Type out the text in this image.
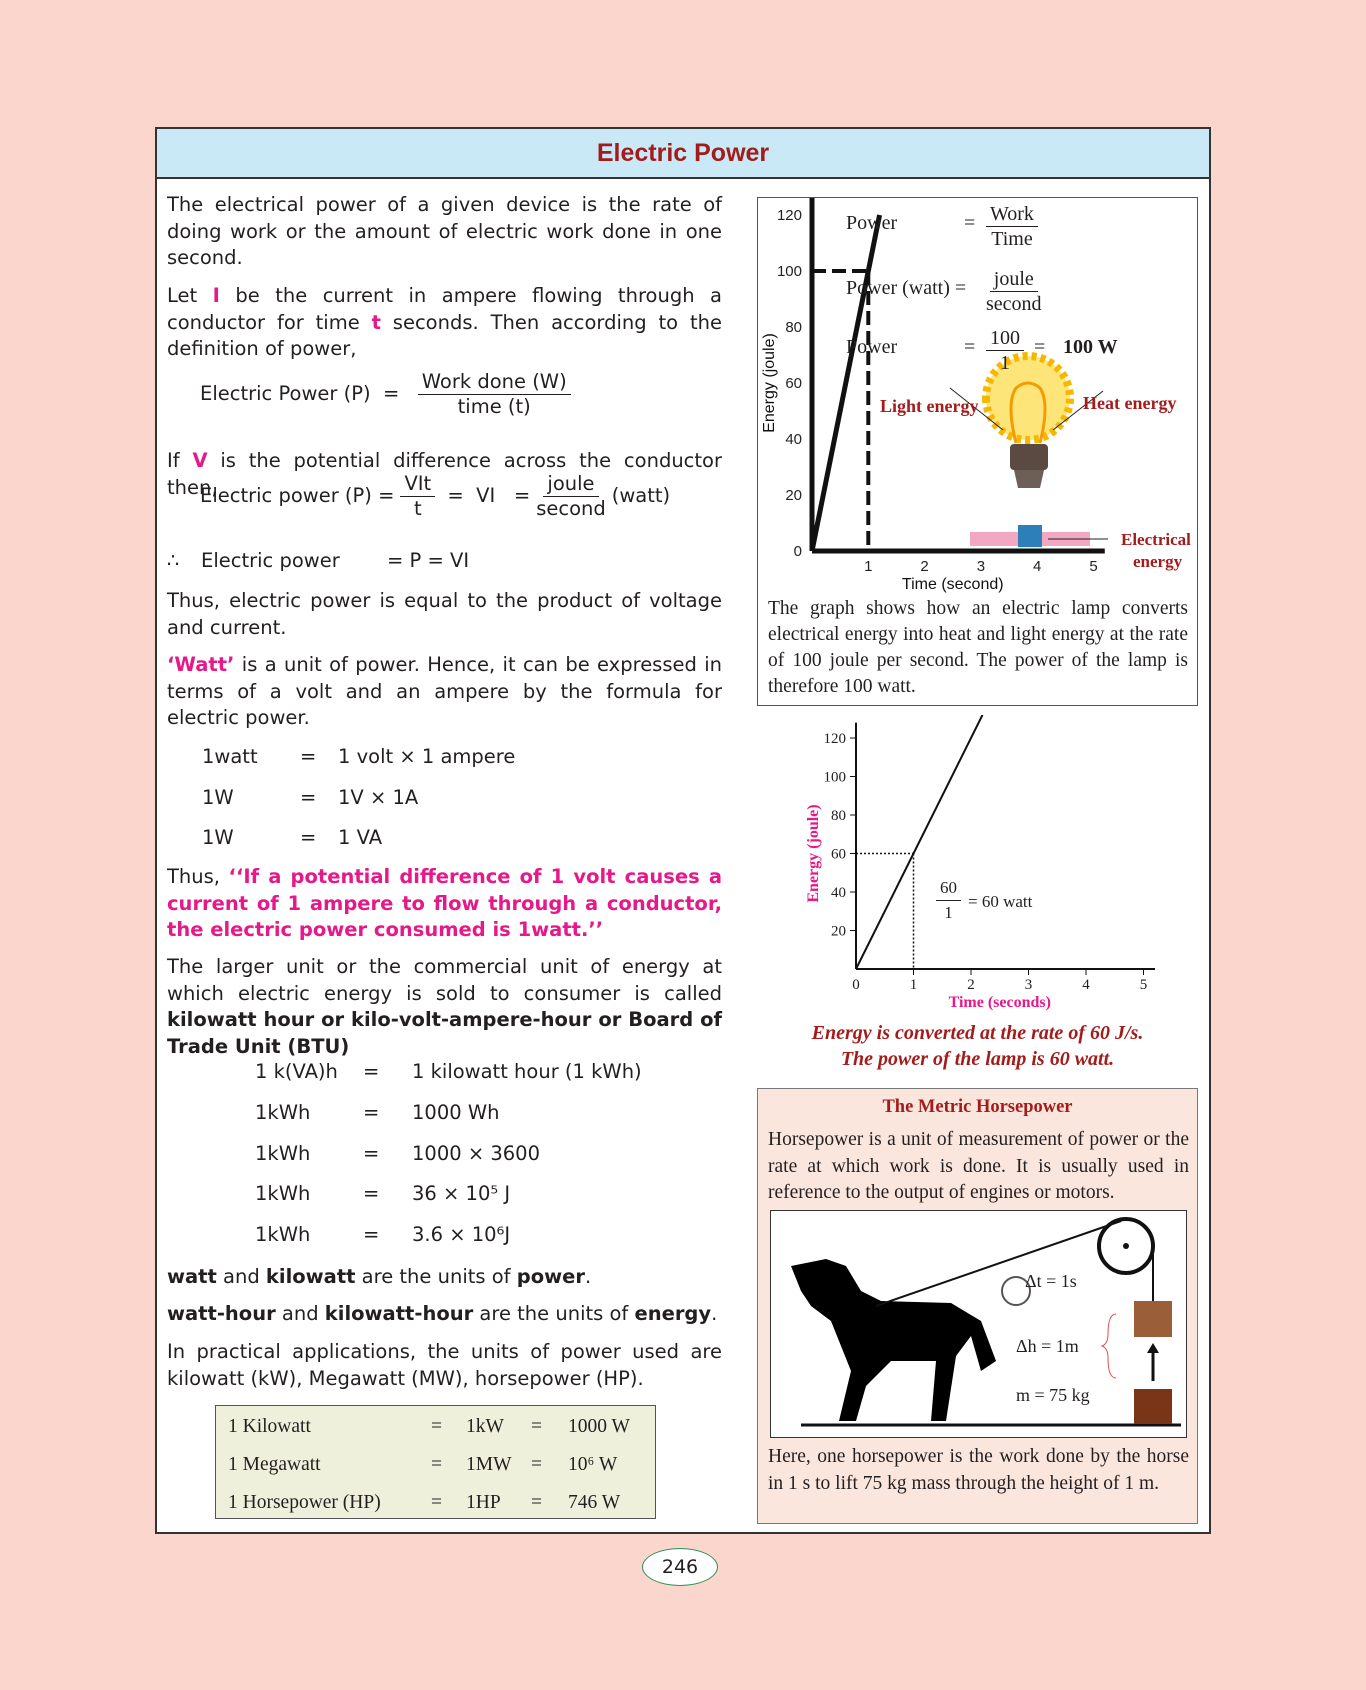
Electric Power
The electrical power of a given device is the rate of doing work or the amount of electric work done in one second.
Let I be the current in ampere flowing through a conductor for time t seconds. Then according to the definition of power,
Electric Power $(P) = \frac{\text{Work done (W)}}{\text{time (t)}}$
If V is the potential difference across the conductor then,
Electric power $(P) = \frac{\text{VIt}}{t}$ = VI = $\frac{\text{joule}}{\text{second}}$ (watt)
∴ Electric power = P = VI
Thus, electric power is equal to the product of voltage and current.
‘Watt’ is a unit of power. Hence, it can be expressed in terms of a volt and an ampere by the formula for electric power.
1watt = 1 volt × 1 ampere
1W	= 1V × 1A
1W	= 1 VA
Thus, ‘‘If a potential difference of 1 volt causes a current of 1 ampere to flow through a conductor, the electric power consumed is 1watt.’’
The larger unit or the commercial unit of energy at which electric energy is sold to consumer is called kilowatt hour or kilo-volt-ampere-hour or Board of Trade Unit (BTU)
1 k(VA)h = 1 kilowatt hour (1 kWh)
1kWh	= 1000 Wh
1kWh	= 1000 × 3600
1kWh	= 36 × 10⁵ J
1kWh	= 3.6 × 10⁶J
watt and kilowatt are the units of power.
watt-hour and kilowatt-hour are the units of energy.
In practical applications, the units of power used are kilowatt (kW), Megawatt (MW), horsepower (HP).
1 Kilowatt	= 1kW = 1000 W
1 Megawatt	= 1MW = 10⁶ W
1 Horsepower (HP)	= 1HP = 746 W
0
20
40
60
80
100
120
1	2	3	4	5
Time (second)
Energy (joule)
Power	= $\frac{\text{Work}}{\text{Time}}$
Power (watt) = $\frac{\text{joule}}{\text{second}}$
Power	= $\frac{100}{1} = 100$ W
Light energy	Heat energy
Electrical
energy
The graph shows how an electric lamp converts electrical energy into heat and light energy at the rate of 100 joule per second. The power of the lamp is therefore 100 watt.
20
40
60
80
100
120
0	1	2	3	4	5
Time (seconds)
Energy (joule)	$\frac{60}{1} = 60$ watt
Energy is converted at the rate of 60 J/s.
The power of the lamp is 60 watt.
The Metric Horsepower
Horsepower is a unit of measurement of power or the rate at which work is done. It is usually used in reference to the output of engines or motors.
Δt = 1s
Δh = 1m
m = 75 kg
Here, one horsepower is the work done by the horse in 1 s to lift 75 kg mass through the height of 1 m.
246
